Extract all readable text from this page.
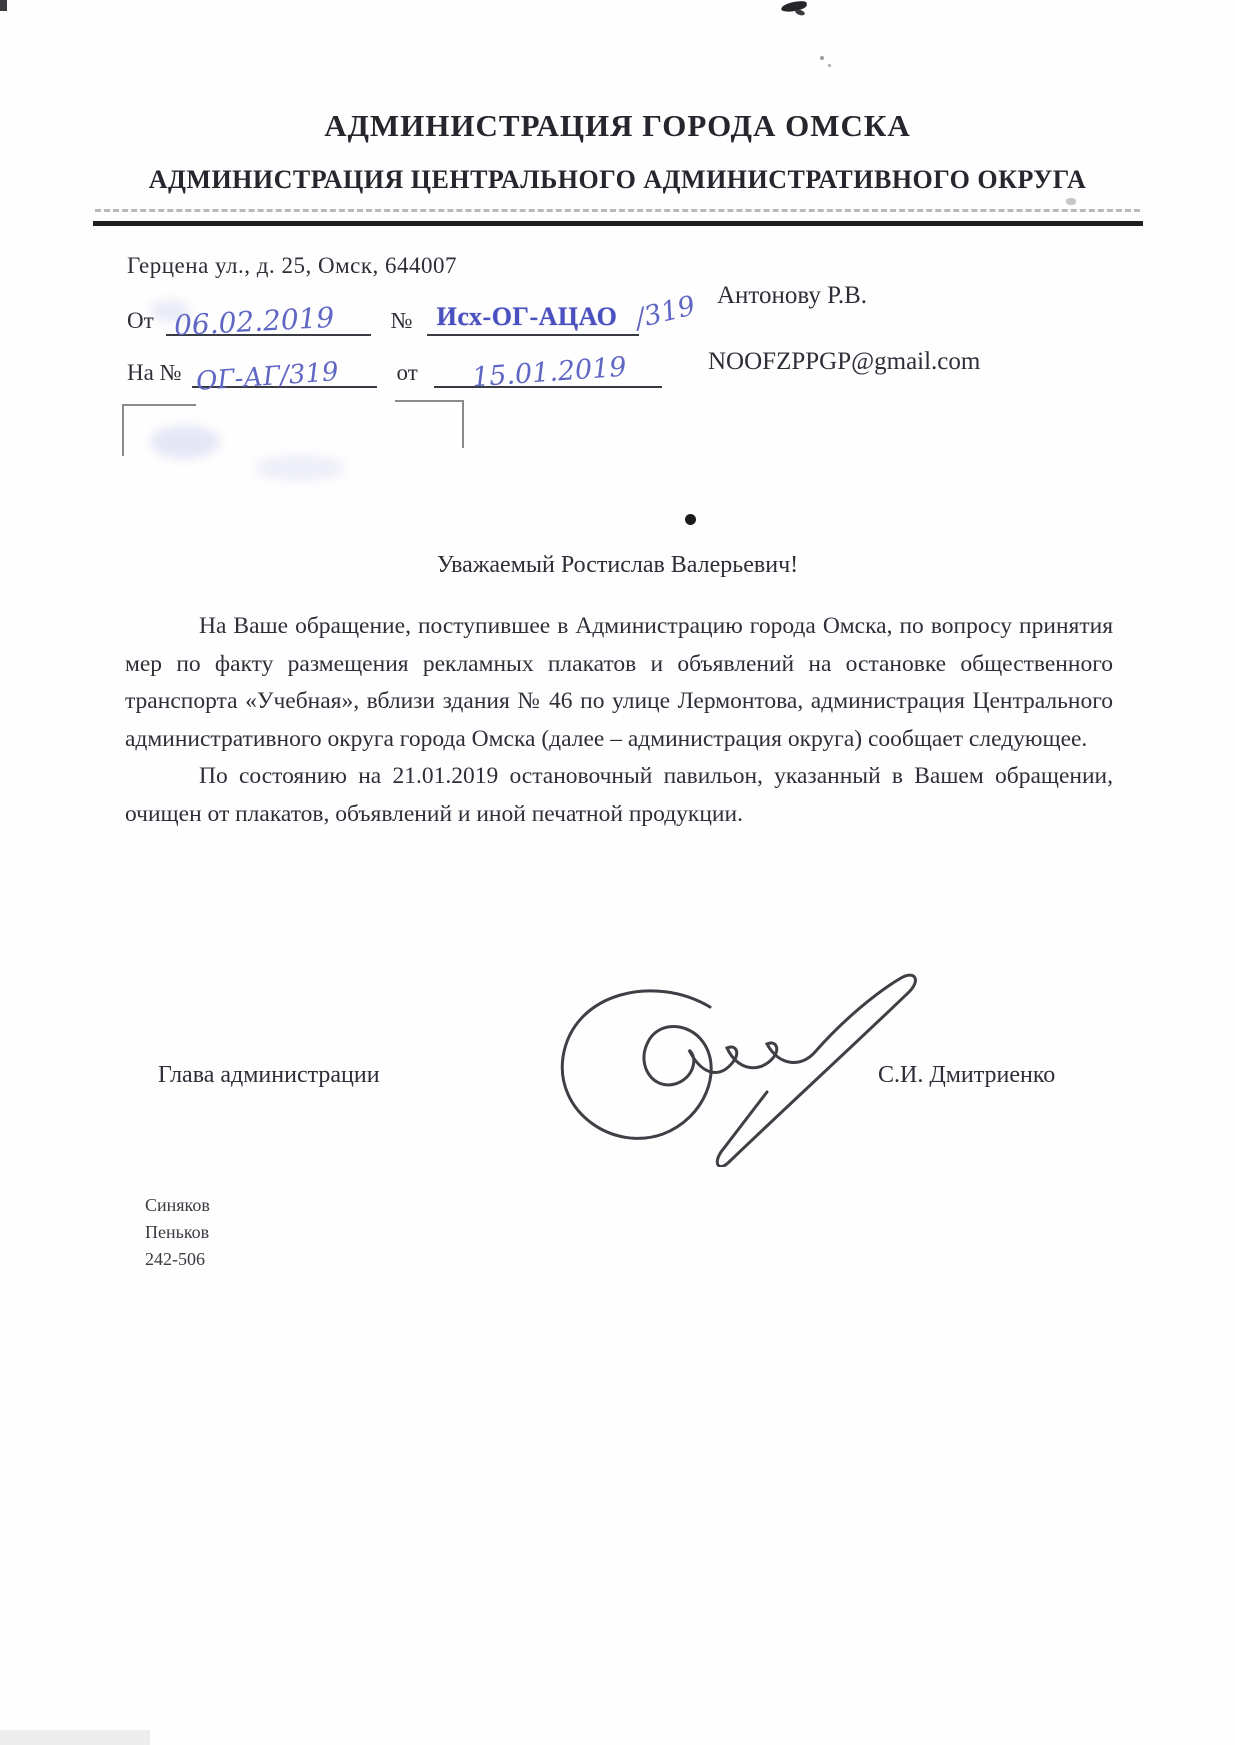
АДМИНИСТРАЦИЯ ГОРОДА ОМСКА
АДМИНИСТРАЦИЯ ЦЕНТРАЛЬНОГО АДМИНИСТРАТИВНОГО ОКРУГА
Герцена ул., д. 25, Омск, 644007
От 06.02.2019 № Исх-ОГ-АЦАО /319
На № ОГ-АГ/319	от 15.01.2019
Антонову Р.В.
NOOFZPPGP@gmail.com
Уважаемый Ростислав Валерьевич!

На Ваше обращение, поступившее в Администрацию города Омска, по вопросу принятия мер по факту размещения рекламных плакатов и объявлений на остановке общественного транспорта «Учебная», вблизи здания № 46 по улице Лермонтова, администрация Центрального административного округа города Омска (далее – администрация округа) сообщает следующее.

По состоянию на 21.01.2019 остановочный павильон, указанный в Вашем обращении, очищен от плакатов, объявлений и иной печатной продукции.

Глава администрации	С.И. Дмитриенко
Синяков
Пеньков
242-506
